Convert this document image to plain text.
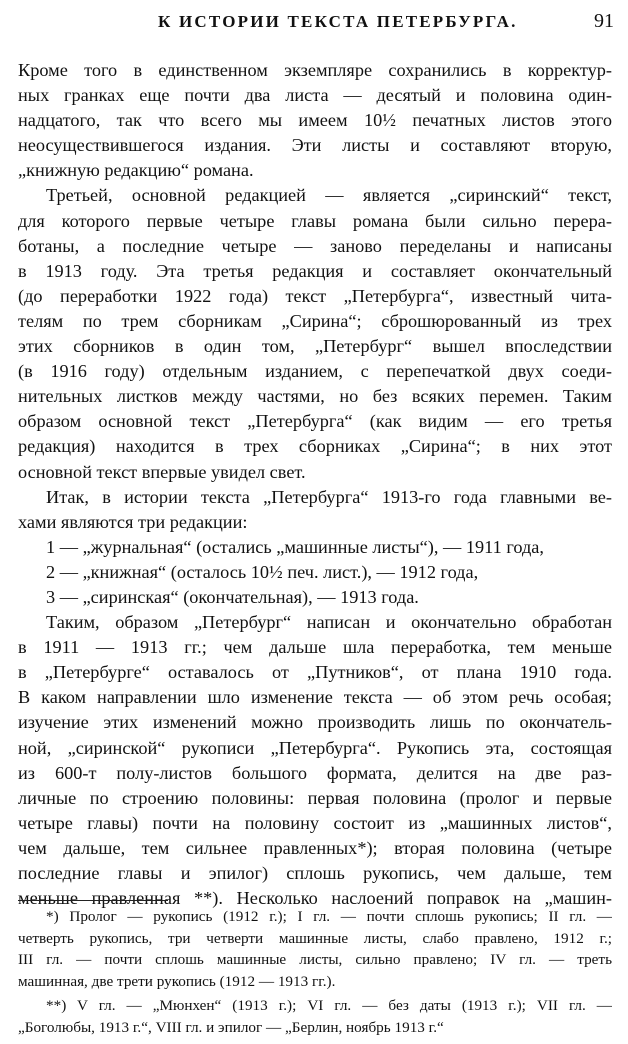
К ИСТОРИИ ТЕКСТА ПЕТЕРБУРГА.	91
Кроме того в единственном экземпляре сохранились в корректур-
ных гранках еще почти два листа — десятый и половина один-
надцатого, так что всего мы имеем 10½ печатных листов этого
неосуществившегося издания. Эти листы и составляют вторую,
„книжную редакцию“ романа.
Третьей, основной редакцией — является „сиринский“ текст,
для которого первые четыре главы романа были сильно перера-
ботаны, а последние четыре — заново переделаны и написаны
в 1913 году. Эта третья редакция и составляет окончательный
(до переработки 1922 года) текст „Петербурга“, известный чита-
телям по трем сборникам „Сирина“; сброшюрованный из трех
этих сборников в один том, „Петербург“ вышел впоследствии
(в 1916 году) отдельным изданием, с перепечаткой двух соеди-
нительных листков между частями, но без всяких перемен. Таким
образом основной текст „Петербурга“ (как видим — его третья
редакция) находится в трех сборниках „Сирина“; в них этот
основной текст впервые увидел свет.
Итак, в истории текста „Петербурга“ 1913-го года главными ве-
хами являются три редакции:
1 — „журнальная“ (остались „машинные листы“), — 1911 года,
2 — „книжная“ (осталось 10½ печ. лист.), — 1912 года,
3 — „сиринская“ (окончательная), — 1913 года.
Таким, образом „Петербург“ написан и окончательно обработан
в 1911 — 1913 гг.; чем дальше шла переработка, тем меньше
в „Петербурге“ оставалось от „Путников“, от плана 1910 года.
В каком направлении шло изменение текста — об этом речь особая;
изучение этих изменений можно производить лишь по окончатель-
ной, „сиринской“ рукописи „Петербурга“. Рукопись эта, состоящая
из 600-т полу-листов большого формата, делится на две раз-
личные по строению половины: первая половина (пролог и первые
четыре главы) почти на половину состоит из „машинных листов“,
чем дальше, тем сильнее правленных*); вторая половина (четыре
последние главы и эпилог) сплошь рукопись, чем дальше, тем
меньше правленная **). Несколько наслоений поправок на „машин-
*) Пролог — рукопись (1912 г.); I гл. — почти сплошь рукопись; II гл. —
четверть рукопись, три четверти машинные листы, слабо правлено, 1912 г.;
III гл. — почти сплошь машинные листы, сильно правлено; IV гл. — треть
машинная, две трети рукопись (1912 — 1913 гг.).
**) V гл. — „Мюнхен“ (1913 г.); VI гл. — без даты (1913 г.); VII гл. —
„Боголюбы, 1913 г.“, VIII гл. и эпилог — „Берлин, ноябрь 1913 г.“
